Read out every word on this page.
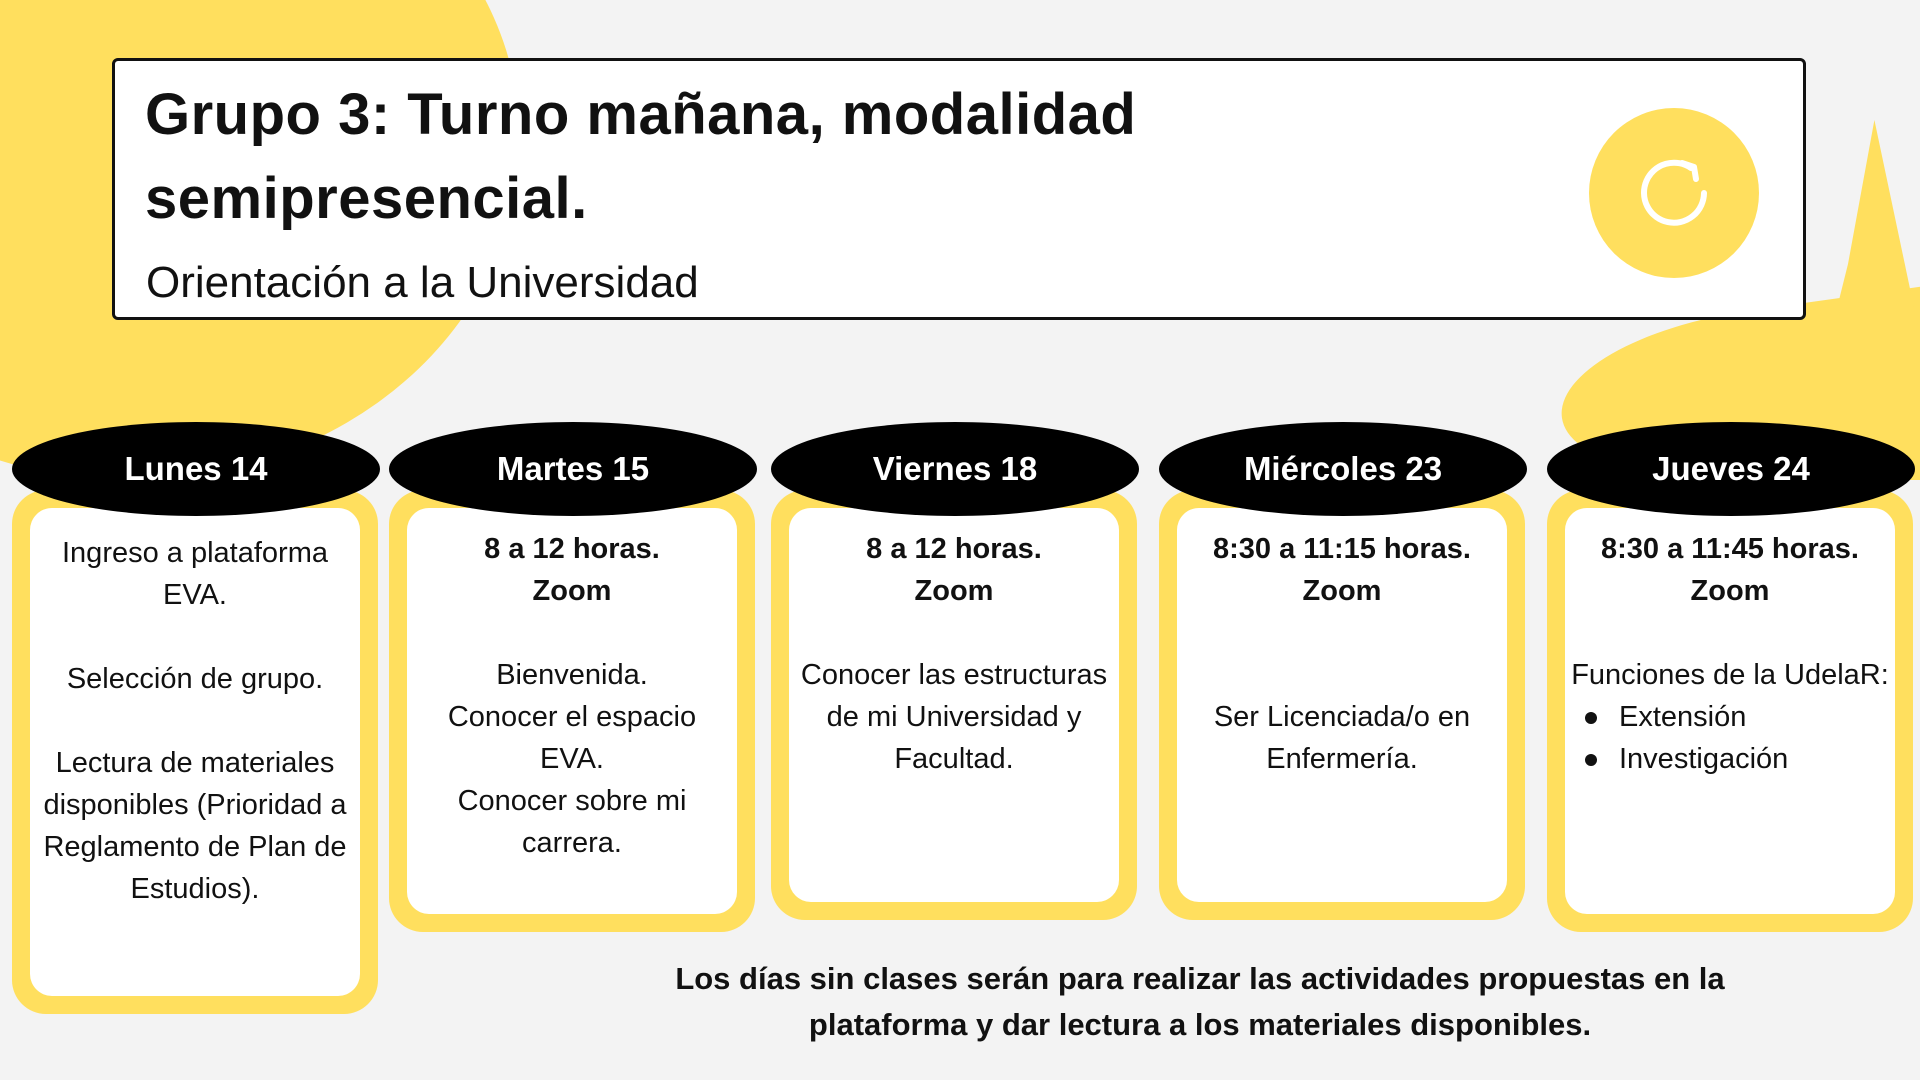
Grupo 3: Turno mañana, modalidad semipresencial.
Orientación a la Universidad
Lunes 14
Ingreso a plataforma EVA.
Selección de grupo.
Lectura de materiales disponibles (Prioridad a Reglamento de Plan de Estudios).
Martes 15
8 a 12 horas.
Zoom
Bienvenida.
Conocer el espacio EVA.
Conocer sobre mi carrera.
Viernes 18
8 a 12 horas.
Zoom
Conocer las estructuras de mi Universidad y Facultad.
Miércoles 23
8:30 a 11:15 horas.
Zoom
Ser Licenciada/o en Enfermería.
Jueves 24
8:30 a 11:45 horas.
Zoom
Funciones de la UdelaR:
Extensión
Investigación

Los días sin clases serán para realizar las actividades propuestas en la plataforma y dar lectura a los materiales disponibles.
